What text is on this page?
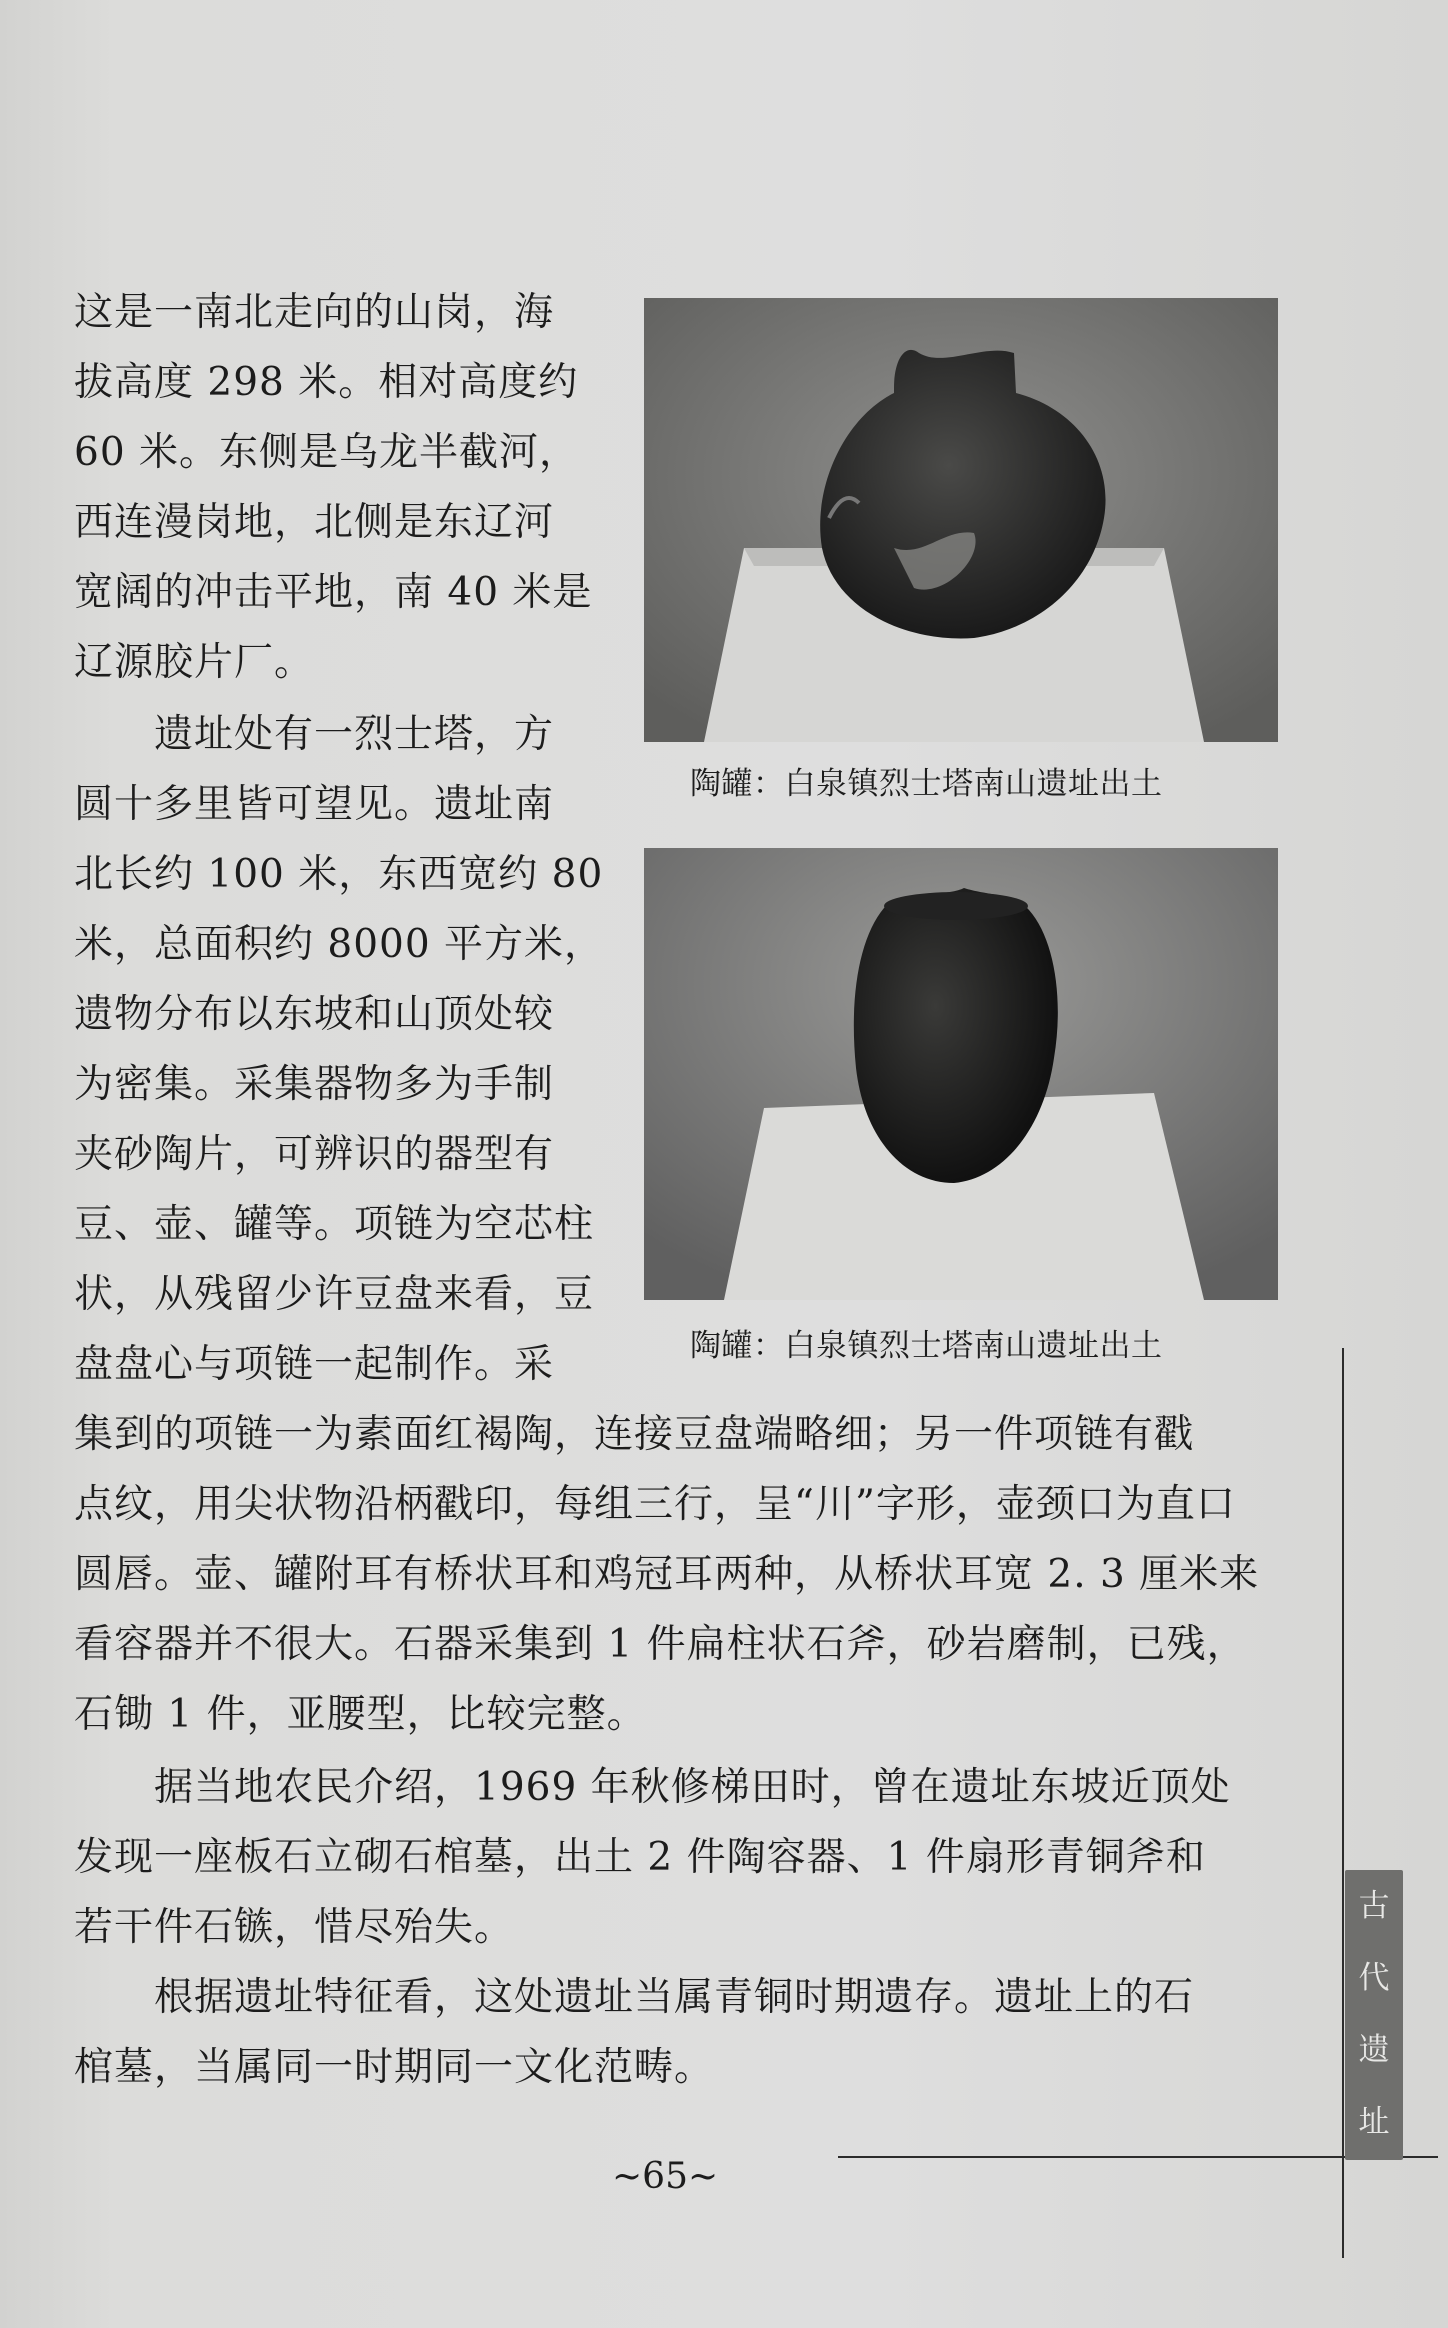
这是一南北走向的山岗，海
拔高度 298 米。相对高度约
60 米。东侧是乌龙半截河，
西连漫岗地，北侧是东辽河
宽阔的冲击平地，南 40 米是
辽源胶片厂。
　　遗址处有一烈士塔，方
圆十多里皆可望见。遗址南
北长约 100 米，东西宽约 80
米，总面积约 8000 平方米，
遗物分布以东坡和山顶处较
为密集。采集器物多为手制
夹砂陶片，可辨识的器型有
豆、壶、罐等。项链为空芯柱
状，从残留少许豆盘来看，豆
盘盘心与项链一起制作。采
陶罐：白泉镇烈士塔南山遗址出土
陶罐：白泉镇烈士塔南山遗址出土
集到的项链一为素面红褐陶，连接豆盘端略细；另一件项链有戳
点纹，用尖状物沿柄戳印，每组三行，呈“川”字形，壶颈口为直口
圆唇。壶、罐附耳有桥状耳和鸡冠耳两种，从桥状耳宽 2. 3 厘米来
看容器并不很大。石器采集到 1 件扁柱状石斧，砂岩磨制，已残，
石锄 1 件，亚腰型，比较完整。
　　据当地农民介绍，1969 年秋修梯田时，曾在遗址东坡近顶处
发现一座板石立砌石棺墓，出土 2 件陶容器、1 件扇形青铜斧和
若干件石镞，惜尽殆失。
　　根据遗址特征看，这处遗址当属青铜时期遗存。遗址上的石
棺墓，当属同一时期同一文化范畴。
古
代
遗
址
~65~
